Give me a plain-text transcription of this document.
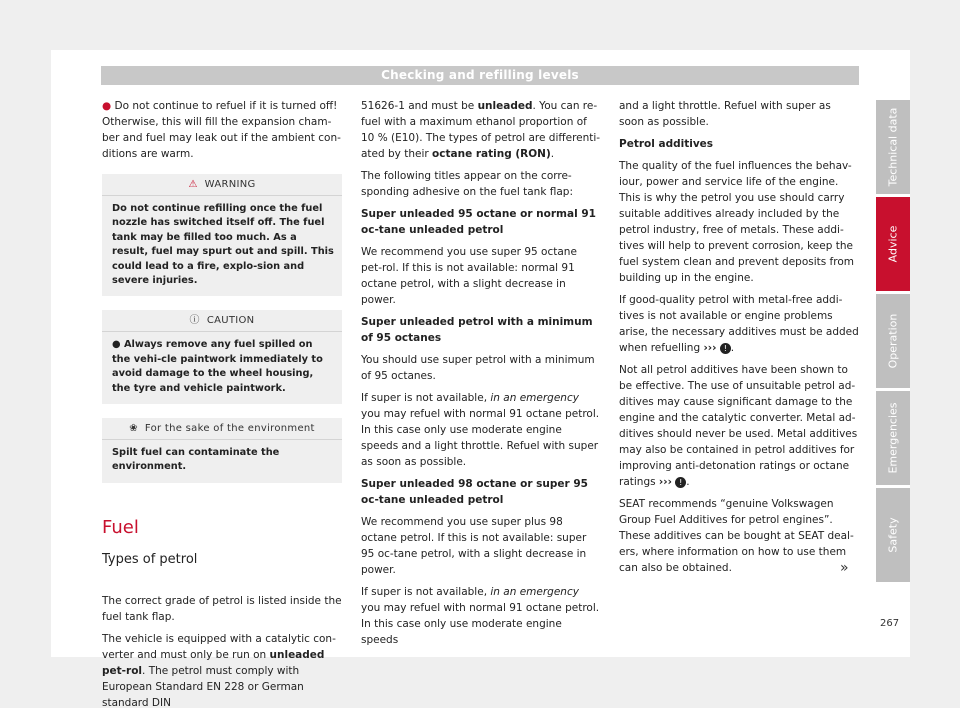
Checking and refilling levels

● Do not continue to refuel if it is turned off! Otherwise, this will fill the expansion cham-ber and fuel may leak out if the ambient con-ditions are warm.

⚠ WARNING
Do not continue refilling once the fuel nozzle has switched itself off. The fuel tank may be filled too much. As a result, fuel may spurt out and spill. This could lead to a fire, explo-sion and severe injuries.
ⓘ CAUTION
● Always remove any fuel spilled on the vehi-cle paintwork immediately to avoid damage to the wheel housing, the tyre and vehicle paintwork.
❀ For the sake of the environment
Spilt fuel can contaminate the environment.
Fuel
Types of petrol

The correct grade of petrol is listed inside the fuel tank flap.

The vehicle is equipped with a catalytic con-verter and must only be run on unleaded pet-rol. The petrol must comply with European Standard EN 228 or German standard DIN

51626-1 and must be unleaded. You can re-fuel with a maximum ethanol proportion of 10 % (E10). The types of petrol are differenti-ated by their octane rating (RON).

The following titles appear on the corre-sponding adhesive on the fuel tank flap:

Super unleaded 95 octane or normal 91 oc-tane unleaded petrol

We recommend you use super 95 octane pet-rol. If this is not available: normal 91 octane petrol, with a slight decrease in power.

Super unleaded petrol with a minimum of 95 octanes

You should use super petrol with a minimum of 95 octanes.

If super is not available, in an emergency you may refuel with normal 91 octane petrol. In this case only use moderate engine speeds and a light throttle. Refuel with super as soon as possible.

Super unleaded 98 octane or super 95 oc-tane unleaded petrol

We recommend you use super plus 98 octane petrol. If this is not available: super 95 oc-tane petrol, with a slight decrease in power.

If super is not available, in an emergency you may refuel with normal 91 octane petrol. In this case only use moderate engine speeds

and a light throttle. Refuel with super as soon as possible.

Petrol additives

The quality of the fuel influences the behav-iour, power and service life of the engine. This is why the petrol you use should carry suitable additives already included by the petrol industry, free of metals. These addi-tives will help to prevent corrosion, keep the fuel system clean and prevent deposits from building up in the engine.

If good-quality petrol with metal-free addi-tives is not available or engine problems arise, the necessary additives must be added when refuelling ››› ! .

Not all petrol additives have been shown to be effective. The use of unsuitable petrol ad-ditives may cause significant damage to the engine and the catalytic converter. Metal ad-ditives should never be used. Metal additives may also be contained in petrol additives for improving anti-detonation ratings or octane ratings ››› ! .

SEAT recommends “genuine Volkswagen Group Fuel Additives for petrol engines”. These additives can be bought at SEAT deal-ers, where information on how to use them can also be obtained.	»
Technical data
Advice
Operation
Emergencies
Safety
267
